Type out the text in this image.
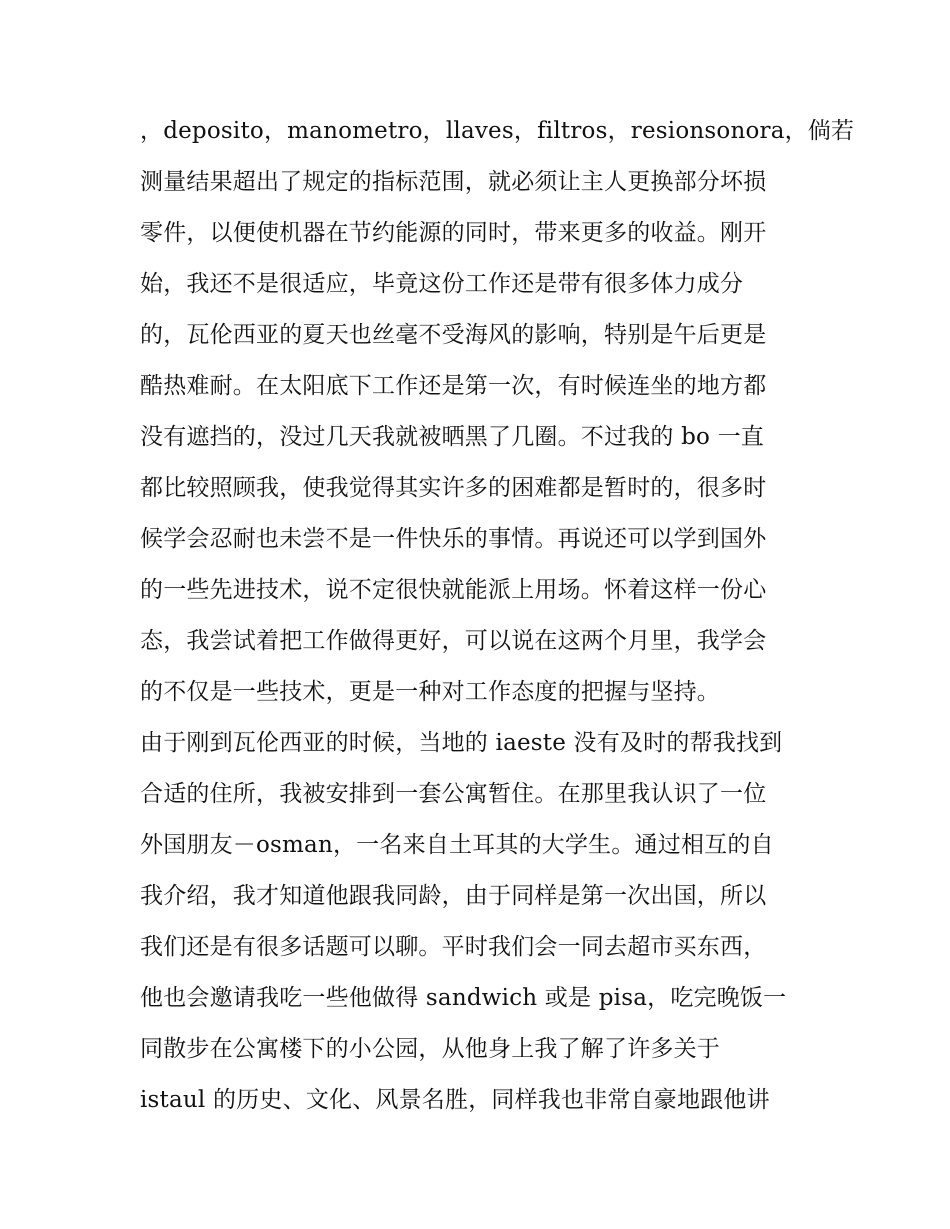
，deposito，manometro，llaves，filtros，resionsonora，倘若
测量结果超出了规定的指标范围，就必须让主人更换部分坏损
零件，以便使机器在节约能源的同时，带来更多的收益。刚开
始，我还不是很适应，毕竟这份工作还是带有很多体力成分
的，瓦伦西亚的夏天也丝毫不受海风的影响，特别是午后更是
酷热难耐。在太阳底下工作还是第一次，有时候连坐的地方都
没有遮挡的，没过几天我就被晒黑了几圈。不过我的 bo 一直
都比较照顾我，使我觉得其实许多的困难都是暂时的，很多时
候学会忍耐也未尝不是一件快乐的事情。再说还可以学到国外
的一些先进技术，说不定很快就能派上用场。怀着这样一份心
态，我尝试着把工作做得更好，可以说在这两个月里，我学会
的不仅是一些技术，更是一种对工作态度的把握与坚持。
由于刚到瓦伦西亚的时候，当地的 iaeste 没有及时的帮我找到
合适的住所，我被安排到一套公寓暂住。在那里我认识了一位
外国朋友－osman，一名来自土耳其的大学生。通过相互的自
我介绍，我才知道他跟我同龄，由于同样是第一次出国，所以
我们还是有很多话题可以聊。平时我们会一同去超市买东西，
他也会邀请我吃一些他做得 sandwich 或是 pisa，吃完晚饭一
同散步在公寓楼下的小公园，从他身上我了解了许多关于
istaul 的历史、文化、风景名胜，同样我也非常自豪地跟他讲
